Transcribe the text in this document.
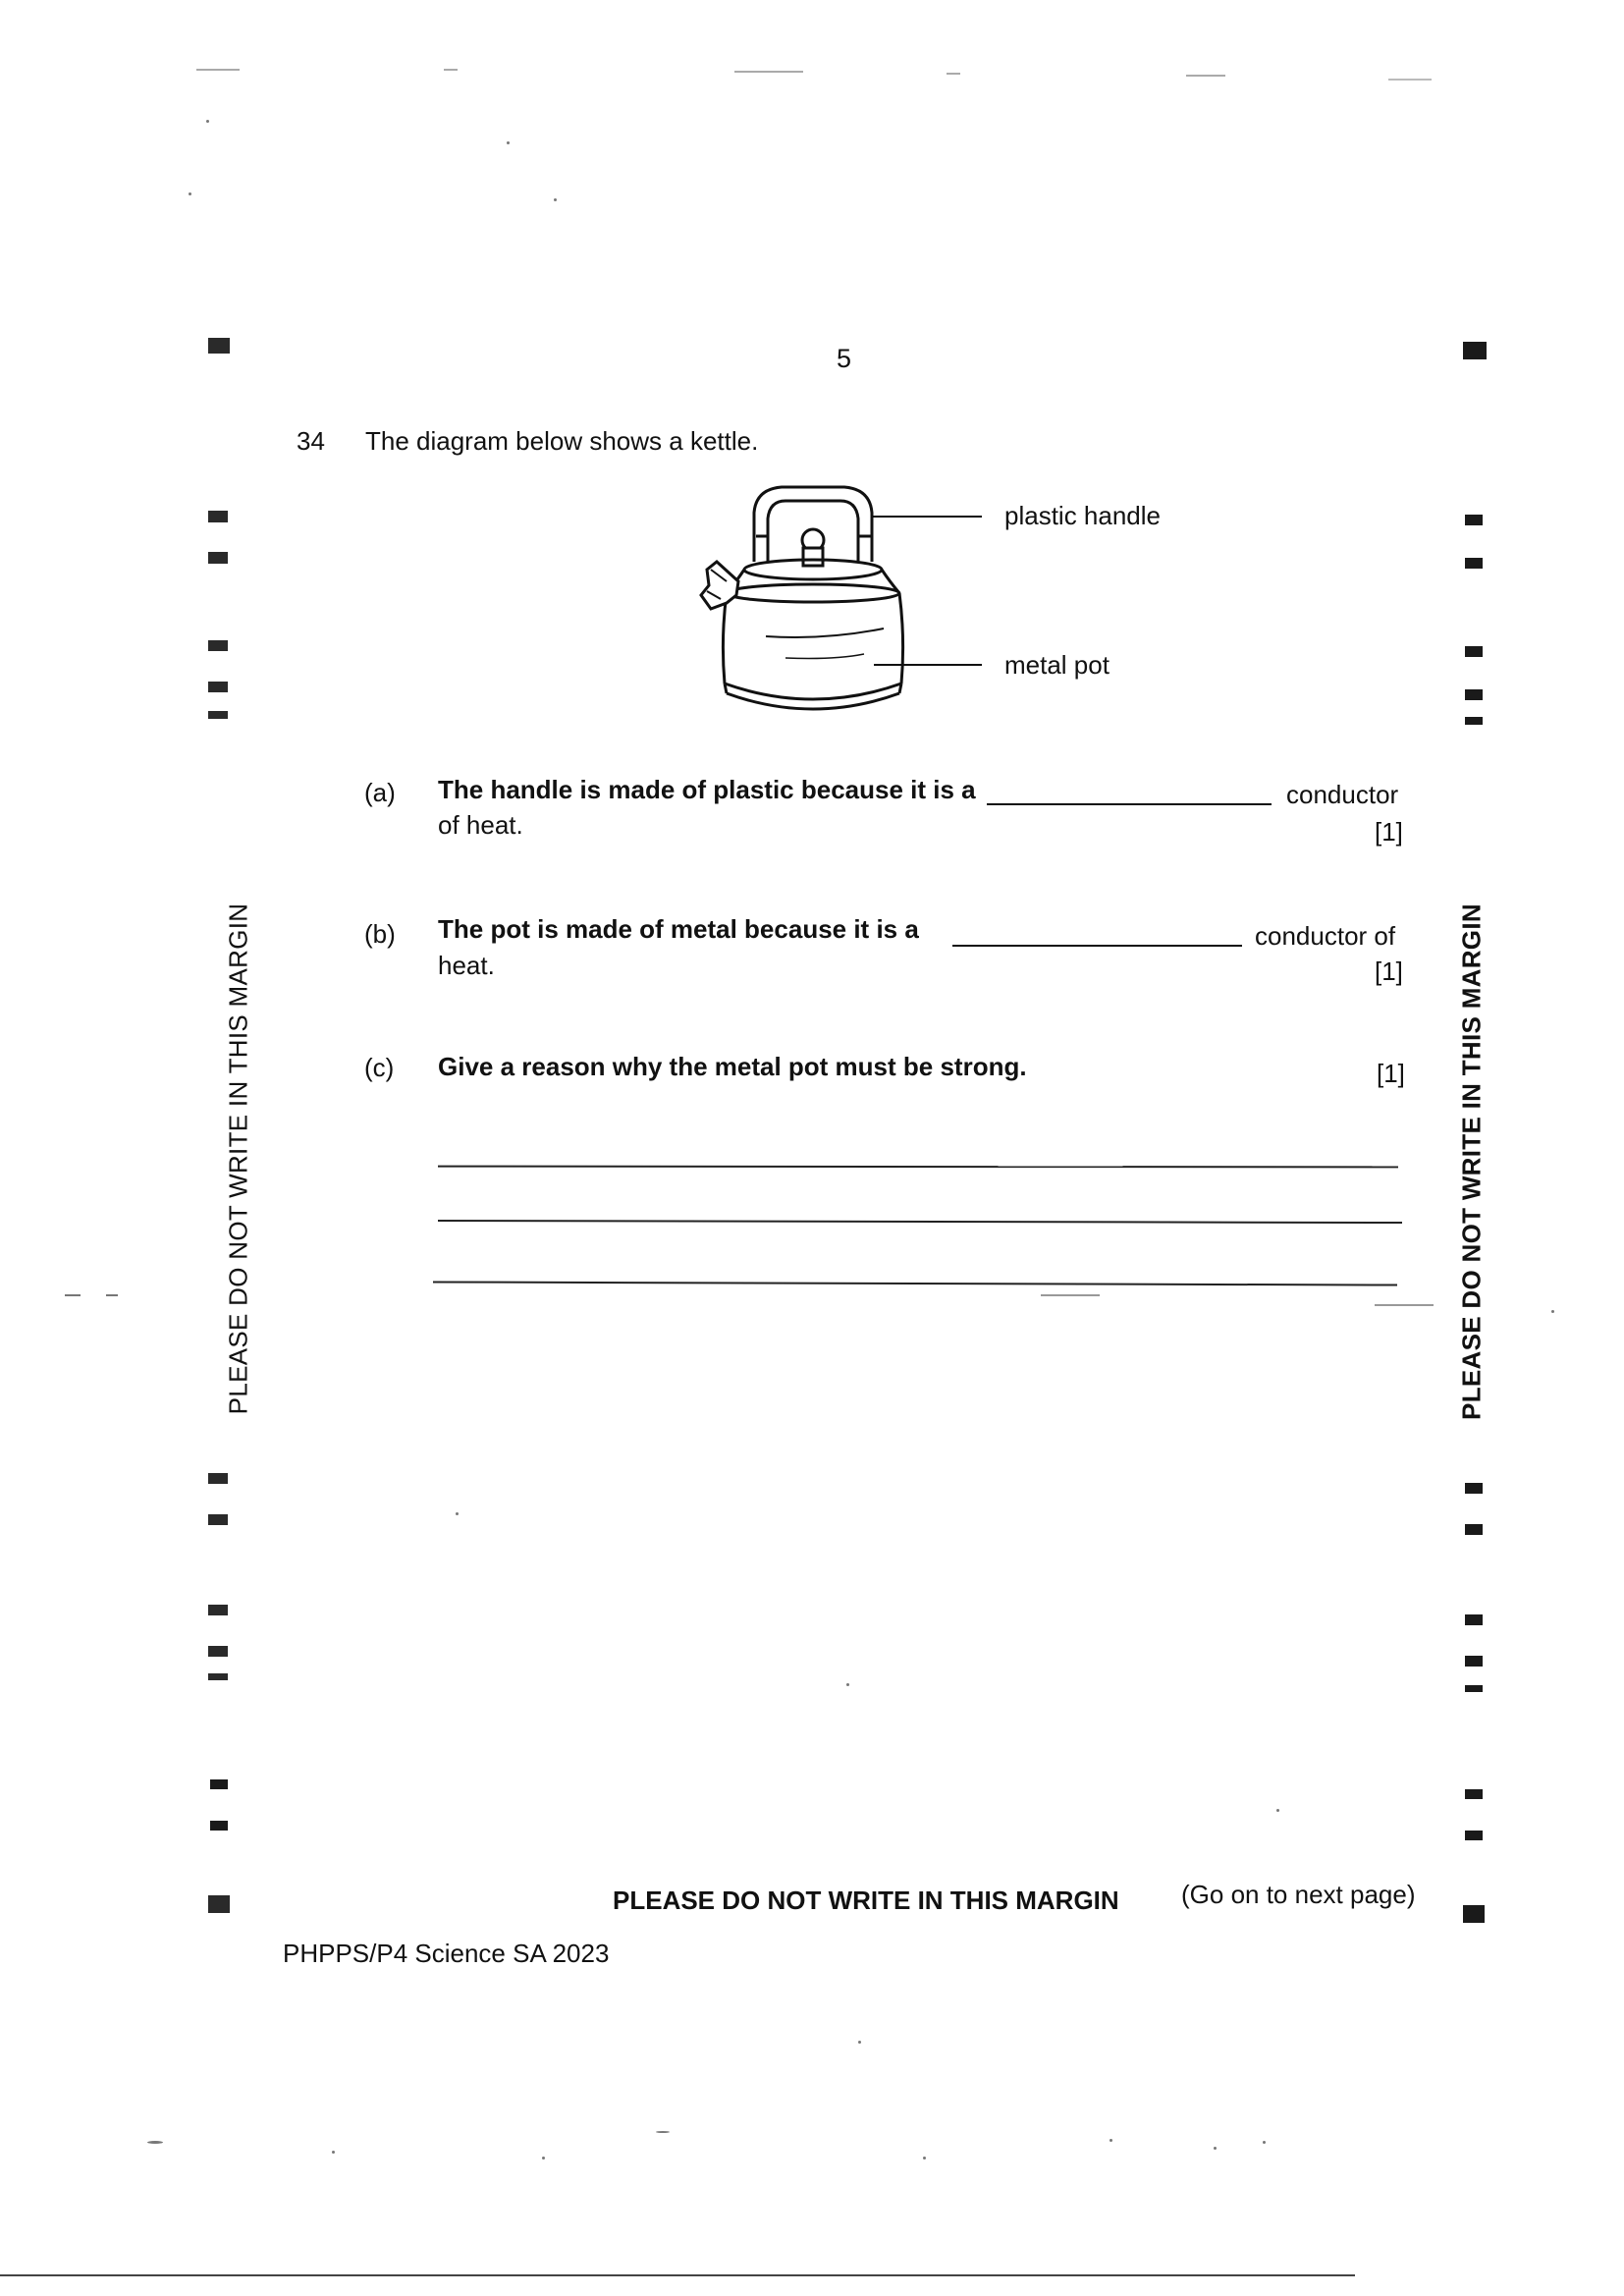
5
34 The diagram below shows a kettle.
plastic handle
metal pot
(a) The handle is made of plastic because it is a	conductor
of heat.	[1]
(b) The pot is made of metal because it is a	conductor of
heat.	[1]
(c) Give a reason why the metal pot must be strong.	[1]
PLEASE DO NOT WRITE IN THIS MARGIN	PLEASE DO NOT WRITE IN THIS MARGIN
PLEASE DO NOT WRITE IN THIS MARGIN (Go on to next page)
PHPPS/P4 Science SA 2023
